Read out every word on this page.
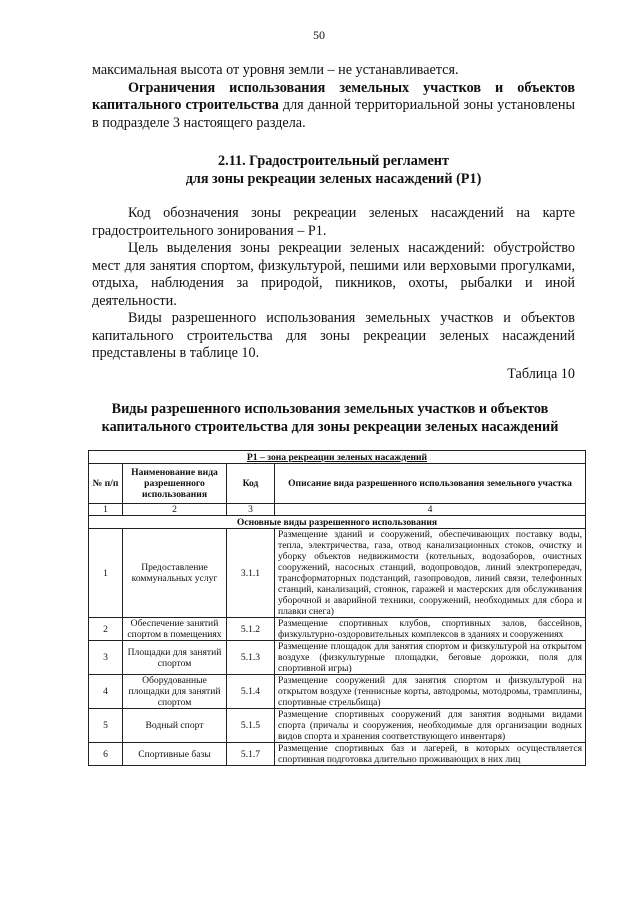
50

максимальная высота от уровня земли – не устанавливается.

Ограничения использования земельных участков и объектов капитального строительства для данной территориальной зоны установлены в подразделе 3 настоящего раздела.

2.11. Градостроительный регламент
для зоны рекреации зеленых насаждений (Р1)

Код обозначения зоны рекреации зеленых насаждений на карте градостроительного зонирования – Р1.

Цель выделения зоны рекреации зеленых насаждений: обустройство мест для занятия спортом, физкультурой, пешими или верховыми прогулками, отдыха, наблюдения за природой, пикников, охоты, рыбалки и иной деятельности.

Виды разрешенного использования земельных участков и объектов капитального строительства для зоны рекреации зеленых насаждений представлены в таблице 10.

Таблица 10
Виды разрешенного использования земельных участков и объектов
капитального строительства для зоны рекреации зеленых насаждений
Р1 – зона рекреации зеленых насаждений			
№ п/п	Наименование вида разрешенного использования	Код	Описание вида разрешенного использования земельного участка
1	2	3	4
Основные виды разрешенного использования			
1	Предоставление коммунальных услуг	3.1.1	Размещение зданий и сооружений, обеспечивающих поставку воды, тепла, электричества, газа, отвод канализационных стоков, очистку и уборку объектов недвижимости (котельных, водозаборов, очистных сооружений, насосных станций, водопроводов, линий электропередач, трансформаторных подстанций, газопроводов, линий связи, телефонных станций, канализаций, стоянок, гаражей и мастерских для обслуживания уборочной и аварийной техники, сооружений, необходимых для сбора и плавки снега)
2	Обеспечение занятий спортом в помещениях	5.1.2	Размещение спортивных клубов, спортивных залов, бассейнов, физкультурно-оздоровительных комплексов в зданиях и сооружениях
3	Площадки для занятий спортом	5.1.3	Размещение площадок для занятия спортом и физкультурой на открытом воздухе (физкультурные площадки, беговые дорожки, поля для спортивной игры)
4	Оборудованные площадки для занятий спортом	5.1.4	Размещение сооружений для занятия спортом и физкультурой на открытом воздухе (теннисные корты, автодромы, мотодромы, трамплины, спортивные стрельбища)
5	Водный спорт	5.1.5	Размещение спортивных сооружений для занятия водными видами спорта (причалы и сооружения, необходимые для организации водных видов спорта и хранения соответствующего инвентаря)
6	Спортивные базы	5.1.7	Размещение спортивных баз и лагерей, в которых осуществляется спортивная подготовка длительно проживающих в них лиц
